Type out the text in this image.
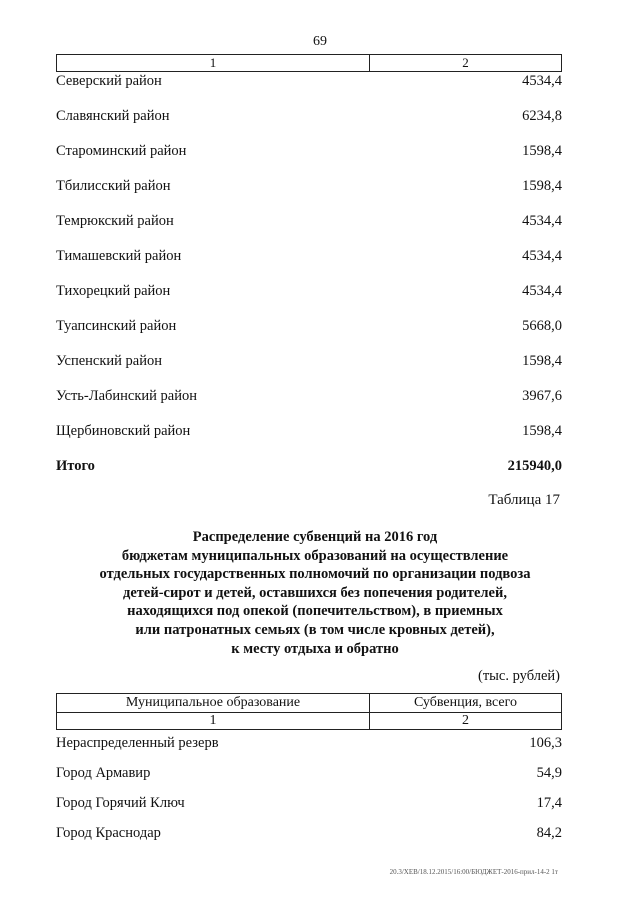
69
1	2
Северский район	4534,4
Славянский район	6234,8
Староминский район	1598,4
Тбилисский район	1598,4
Темрюкский район	4534,4
Тимашевский район	4534,4
Тихорецкий район	4534,4
Туапсинский район	5668,0
Успенский район	1598,4
Усть-Лабинский район	3967,6
Щербиновский район	1598,4
Итого	215940,0
Таблица 17
Распределение субвенций на 2016 год
бюджетам муниципальных образований на осуществление
отдельных государственных полномочий по организации подвоза
детей-сирот и детей, оставшихся без попечения родителей,
находящихся под опекой (попечительством), в приемных
или патронатных семьях (в том числе кровных детей),
к месту отдыха и обратно
(тыс. рублей)
Муниципальное образование	Субвенция, всего
1	2
Нераспределенный резерв	106,3
Город Армавир	54,9
Город Горячий Ключ	17,4
Город Краснодар	84,2
20.3/ХЕВ/18.12.2015/16:00/БЮДЖЕТ-2016-прил-14-2 1т
